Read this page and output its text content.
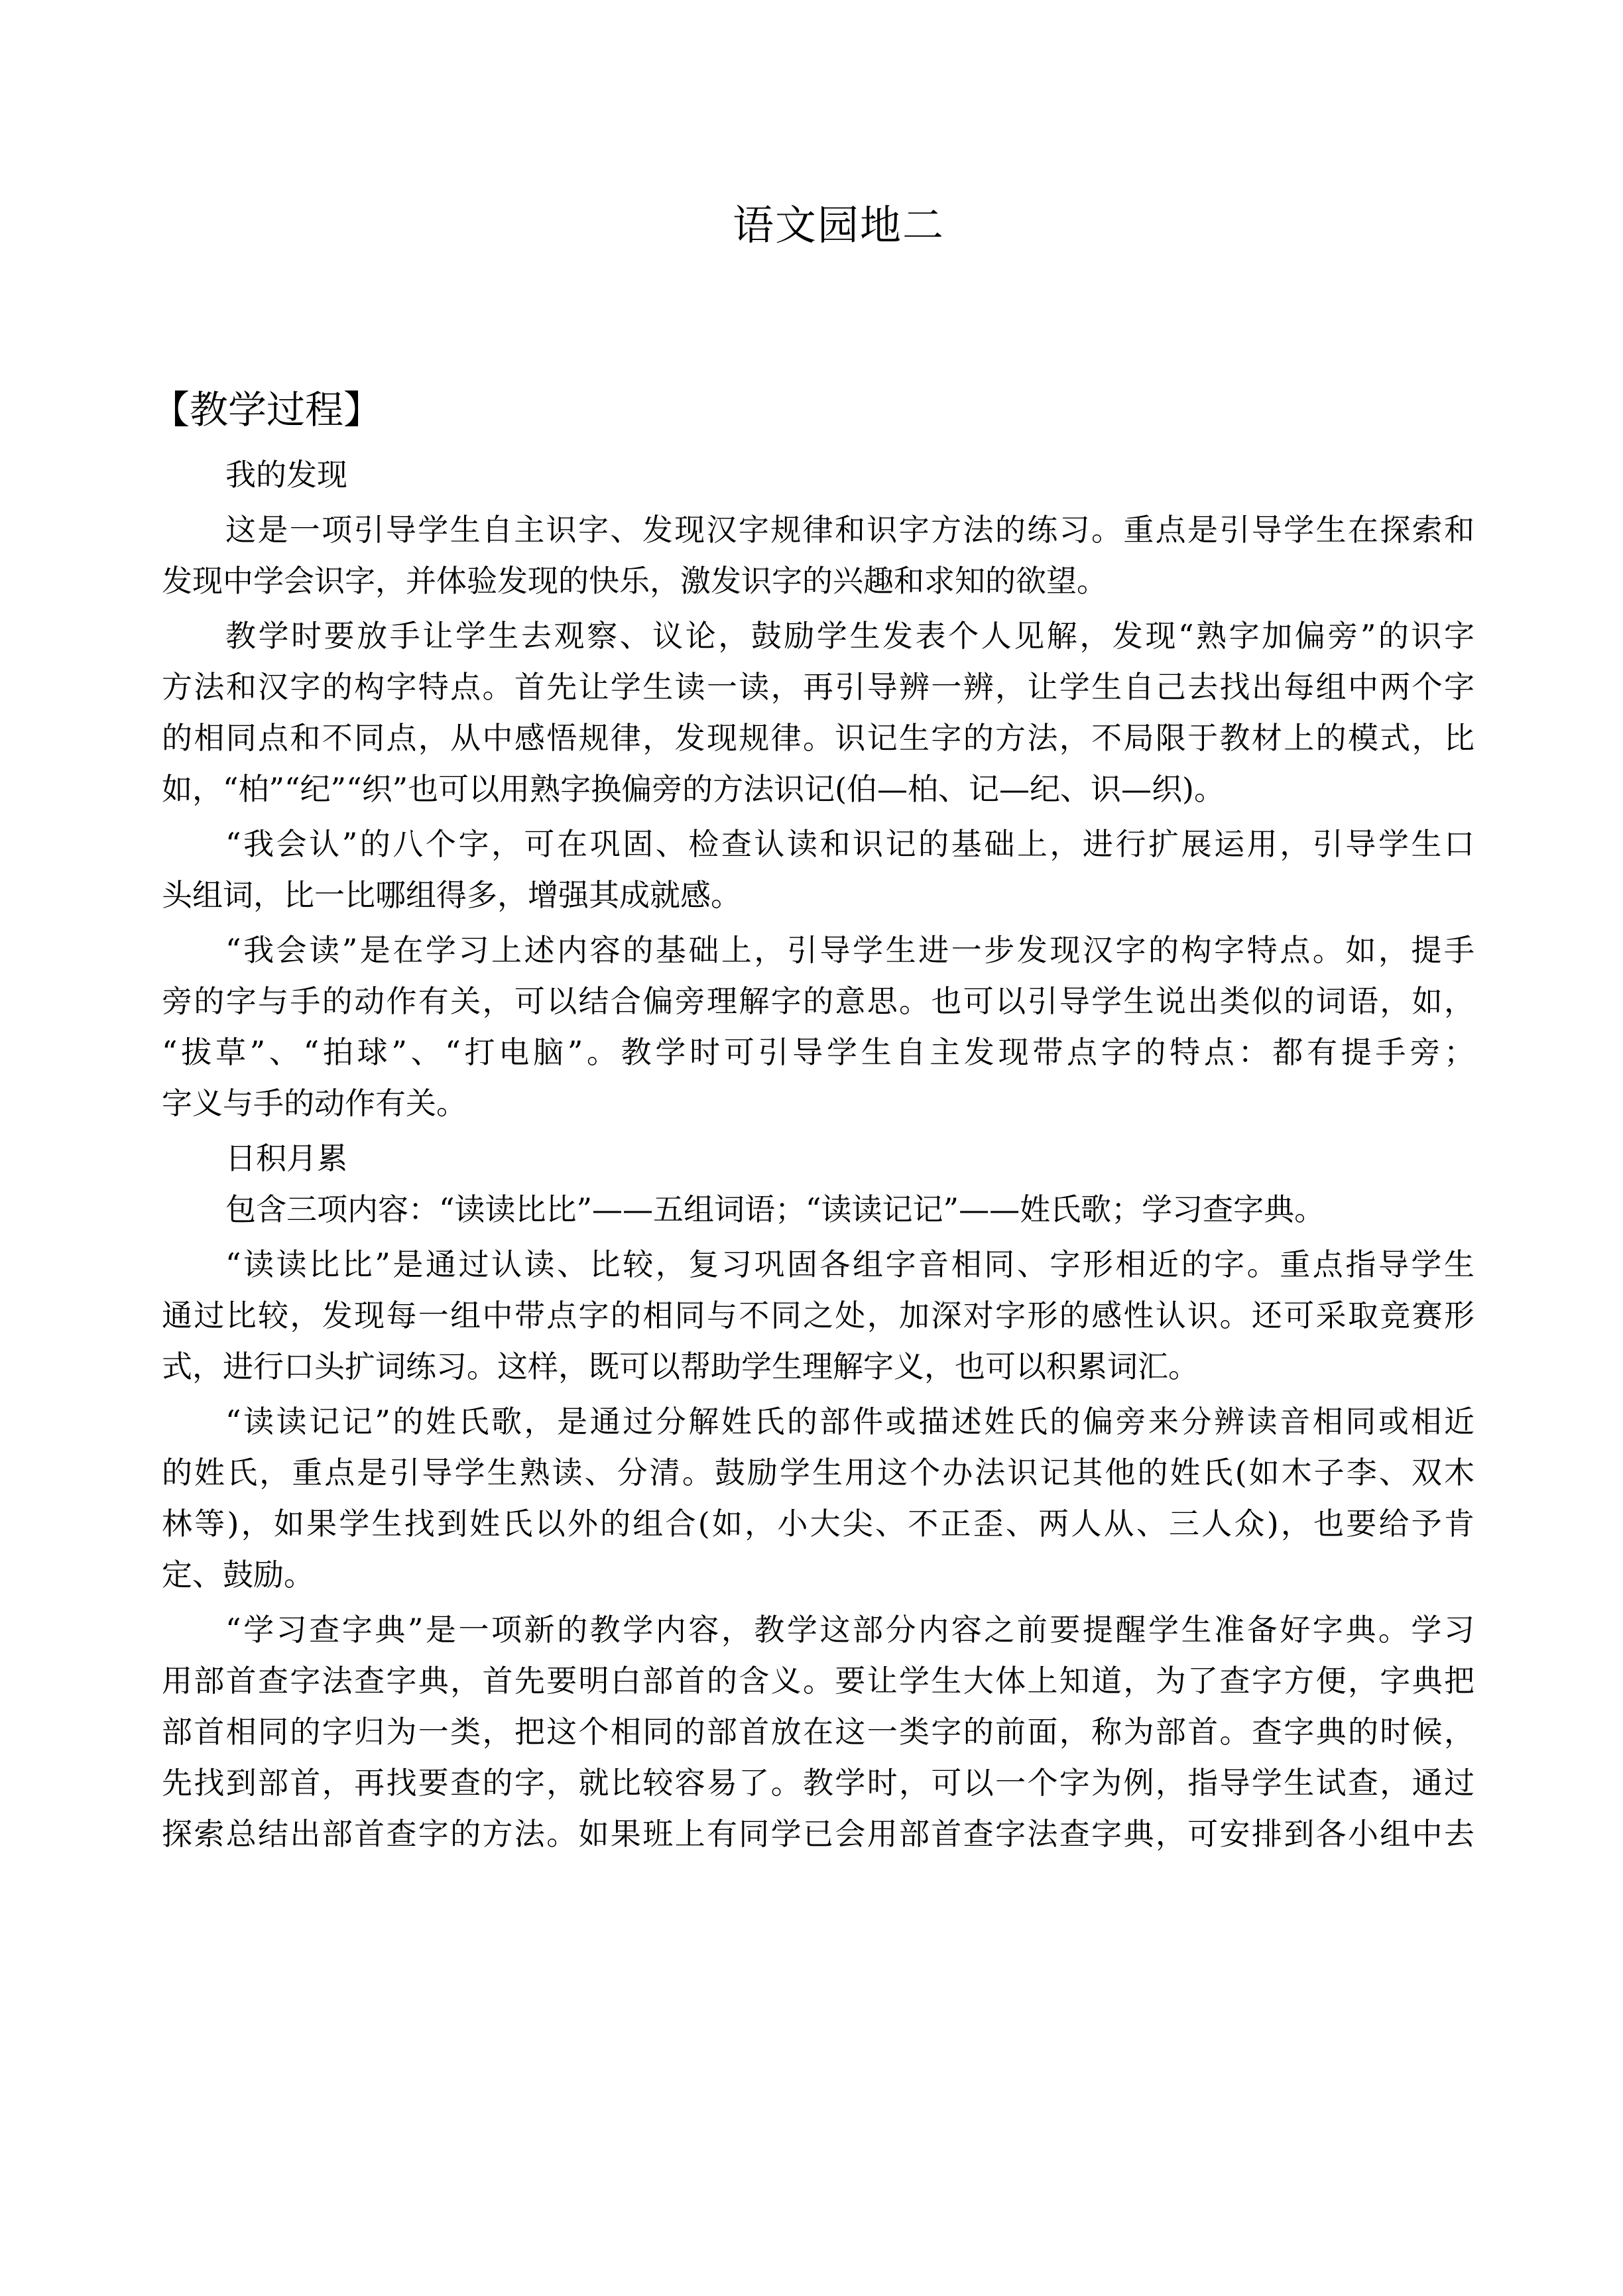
语文园地二
【教学过程】
我的发现
这是一项引导学生自主识字、发现汉字规律和识字方法的练习。重点是引导学生在探索和
发现中学会识字，并体验发现的快乐，激发识字的兴趣和求知的欲望。
教学时要放手让学生去观察、议论，鼓励学生发表个人见解，发现“熟字加偏旁”的识字
方法和汉字的构字特点。首先让学生读一读，再引导辨一辨，让学生自己去找出每组中两个字
的相同点和不同点，从中感悟规律，发现规律。识记生字的方法，不局限于教材上的模式，比
如，“柏”“纪”“织”也可以用熟字换偏旁的方法识记(伯—柏、记—纪、识—织)。
“我会认”的八个字，可在巩固、检查认读和识记的基础上，进行扩展运用，引导学生口
头组词，比一比哪组得多，增强其成就感。
“我会读”是在学习上述内容的基础上，引导学生进一步发现汉字的构字特点。如，提手
旁的字与手的动作有关，可以结合偏旁理解字的意思。也可以引导学生说出类似的词语，如，
“拔草”、“拍球”、“打电脑”。教学时可引导学生自主发现带点字的特点：都有提手旁；
字义与手的动作有关。
日积月累
包含三项内容：“读读比比”——五组词语；“读读记记”——姓氏歌；学习查字典。
“读读比比”是通过认读、比较，复习巩固各组字音相同、字形相近的字。重点指导学生
通过比较，发现每一组中带点字的相同与不同之处，加深对字形的感性认识。还可采取竞赛形
式，进行口头扩词练习。这样，既可以帮助学生理解字义，也可以积累词汇。
“读读记记”的姓氏歌，是通过分解姓氏的部件或描述姓氏的偏旁来分辨读音相同或相近
的姓氏，重点是引导学生熟读、分清。鼓励学生用这个办法识记其他的姓氏(如木子李、双木
林等)，如果学生找到姓氏以外的组合(如，小大尖、不正歪、两人从、三人众)，也要给予肯
定、鼓励。
“学习查字典”是一项新的教学内容，教学这部分内容之前要提醒学生准备好字典。学习
用部首查字法查字典，首先要明白部首的含义。要让学生大体上知道，为了查字方便，字典把
部首相同的字归为一类，把这个相同的部首放在这一类字的前面，称为部首。查字典的时候，
先找到部首，再找要查的字，就比较容易了。教学时，可以一个字为例，指导学生试查，通过
探索总结出部首查字的方法。如果班上有同学已会用部首查字法查字典，可安排到各小组中去
